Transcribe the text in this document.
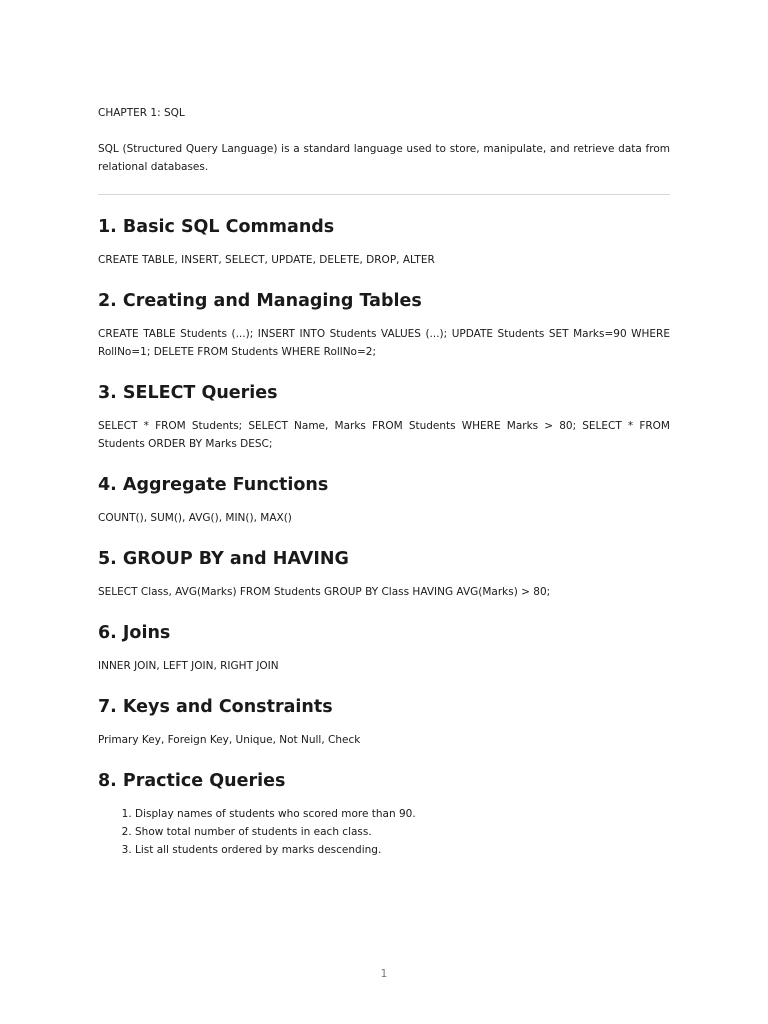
CHAPTER 1: SQL

SQL (Structured Query Language) is a standard language used to store, manipulate, and retrieve data from relational databases.

1. Basic SQL Commands

CREATE TABLE, INSERT, SELECT, UPDATE, DELETE, DROP, ALTER

2. Creating and Managing Tables

CREATE TABLE Students (...); INSERT INTO Students VALUES (...); UPDATE Students SET Marks=90 WHERE RollNo=1; DELETE FROM Students WHERE RollNo=2;

3. SELECT Queries

SELECT * FROM Students; SELECT Name, Marks FROM Students WHERE Marks > 80; SELECT * FROM Students ORDER BY Marks DESC;

4. Aggregate Functions

COUNT(), SUM(), AVG(), MIN(), MAX()

5. GROUP BY and HAVING

SELECT Class, AVG(Marks) FROM Students GROUP BY Class HAVING AVG(Marks) > 80;

6. Joins

INNER JOIN, LEFT JOIN, RIGHT JOIN

7. Keys and Constraints

Primary Key, Foreign Key, Unique, Not Null, Check

8. Practice Queries
1. Display names of students who scored more than 90.
2. Show total number of students in each class.
3. List all students ordered by marks descending.
1
